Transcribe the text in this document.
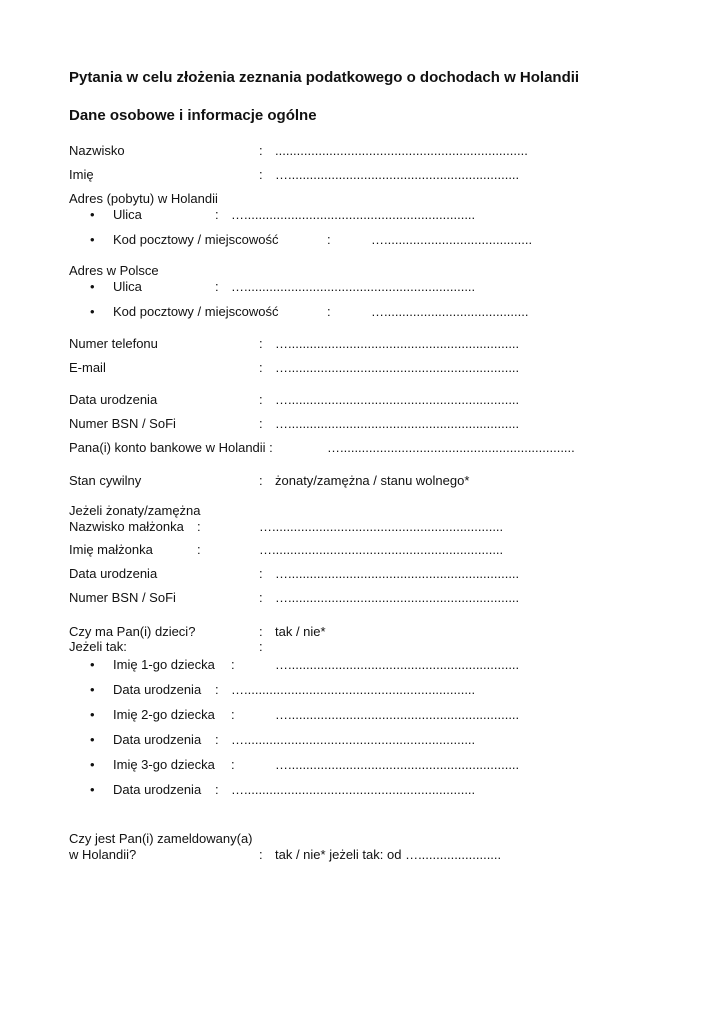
Pytania w celu złożenia zeznania podatkowego o dochodach w Holandii
Dane osobowe i informacje ogólne
Nazwisko	: ......................................................................
Imię	: …................................................................
Adres (pobytu) w Holandii
• Ulica	: …................................................................
• Kod pocztowy / miejscowość	:	….........................................
Adres w Polsce
• Ulica	: …................................................................
• Kod pocztowy / miejscowość	:	…........................................
Numer telefonu	: …................................................................
E-mail	: …................................................................
Data urodzenia	: …................................................................
Numer BSN / SoFi	: …................................................................
Pana(i) konto bankowe w Holandii :	….................................................................
Stan cywilny	: żonaty/zamężna / stanu wolnego*
Jeżeli żonaty/zamężna
Nazwisko małżonka :	…................................................................
Imię małżonka	:	…................................................................
Data urodzenia	: …................................................................
Numer BSN / SoFi	: …................................................................
Czy ma Pan(i) dzieci?	: tak / nie*
Jeżeli tak:	:
• Imię 1-go dziecka :	…................................................................
• Data urodzenia : …................................................................
• Imię 2-go dziecka :	…................................................................
• Data urodzenia : …................................................................
• Imię 3-go dziecka :	…................................................................
• Data urodzenia : …................................................................
Czy jest Pan(i) zameldowany(a)
w Holandii?	: tak / nie* jeżeli tak: od ….......................
